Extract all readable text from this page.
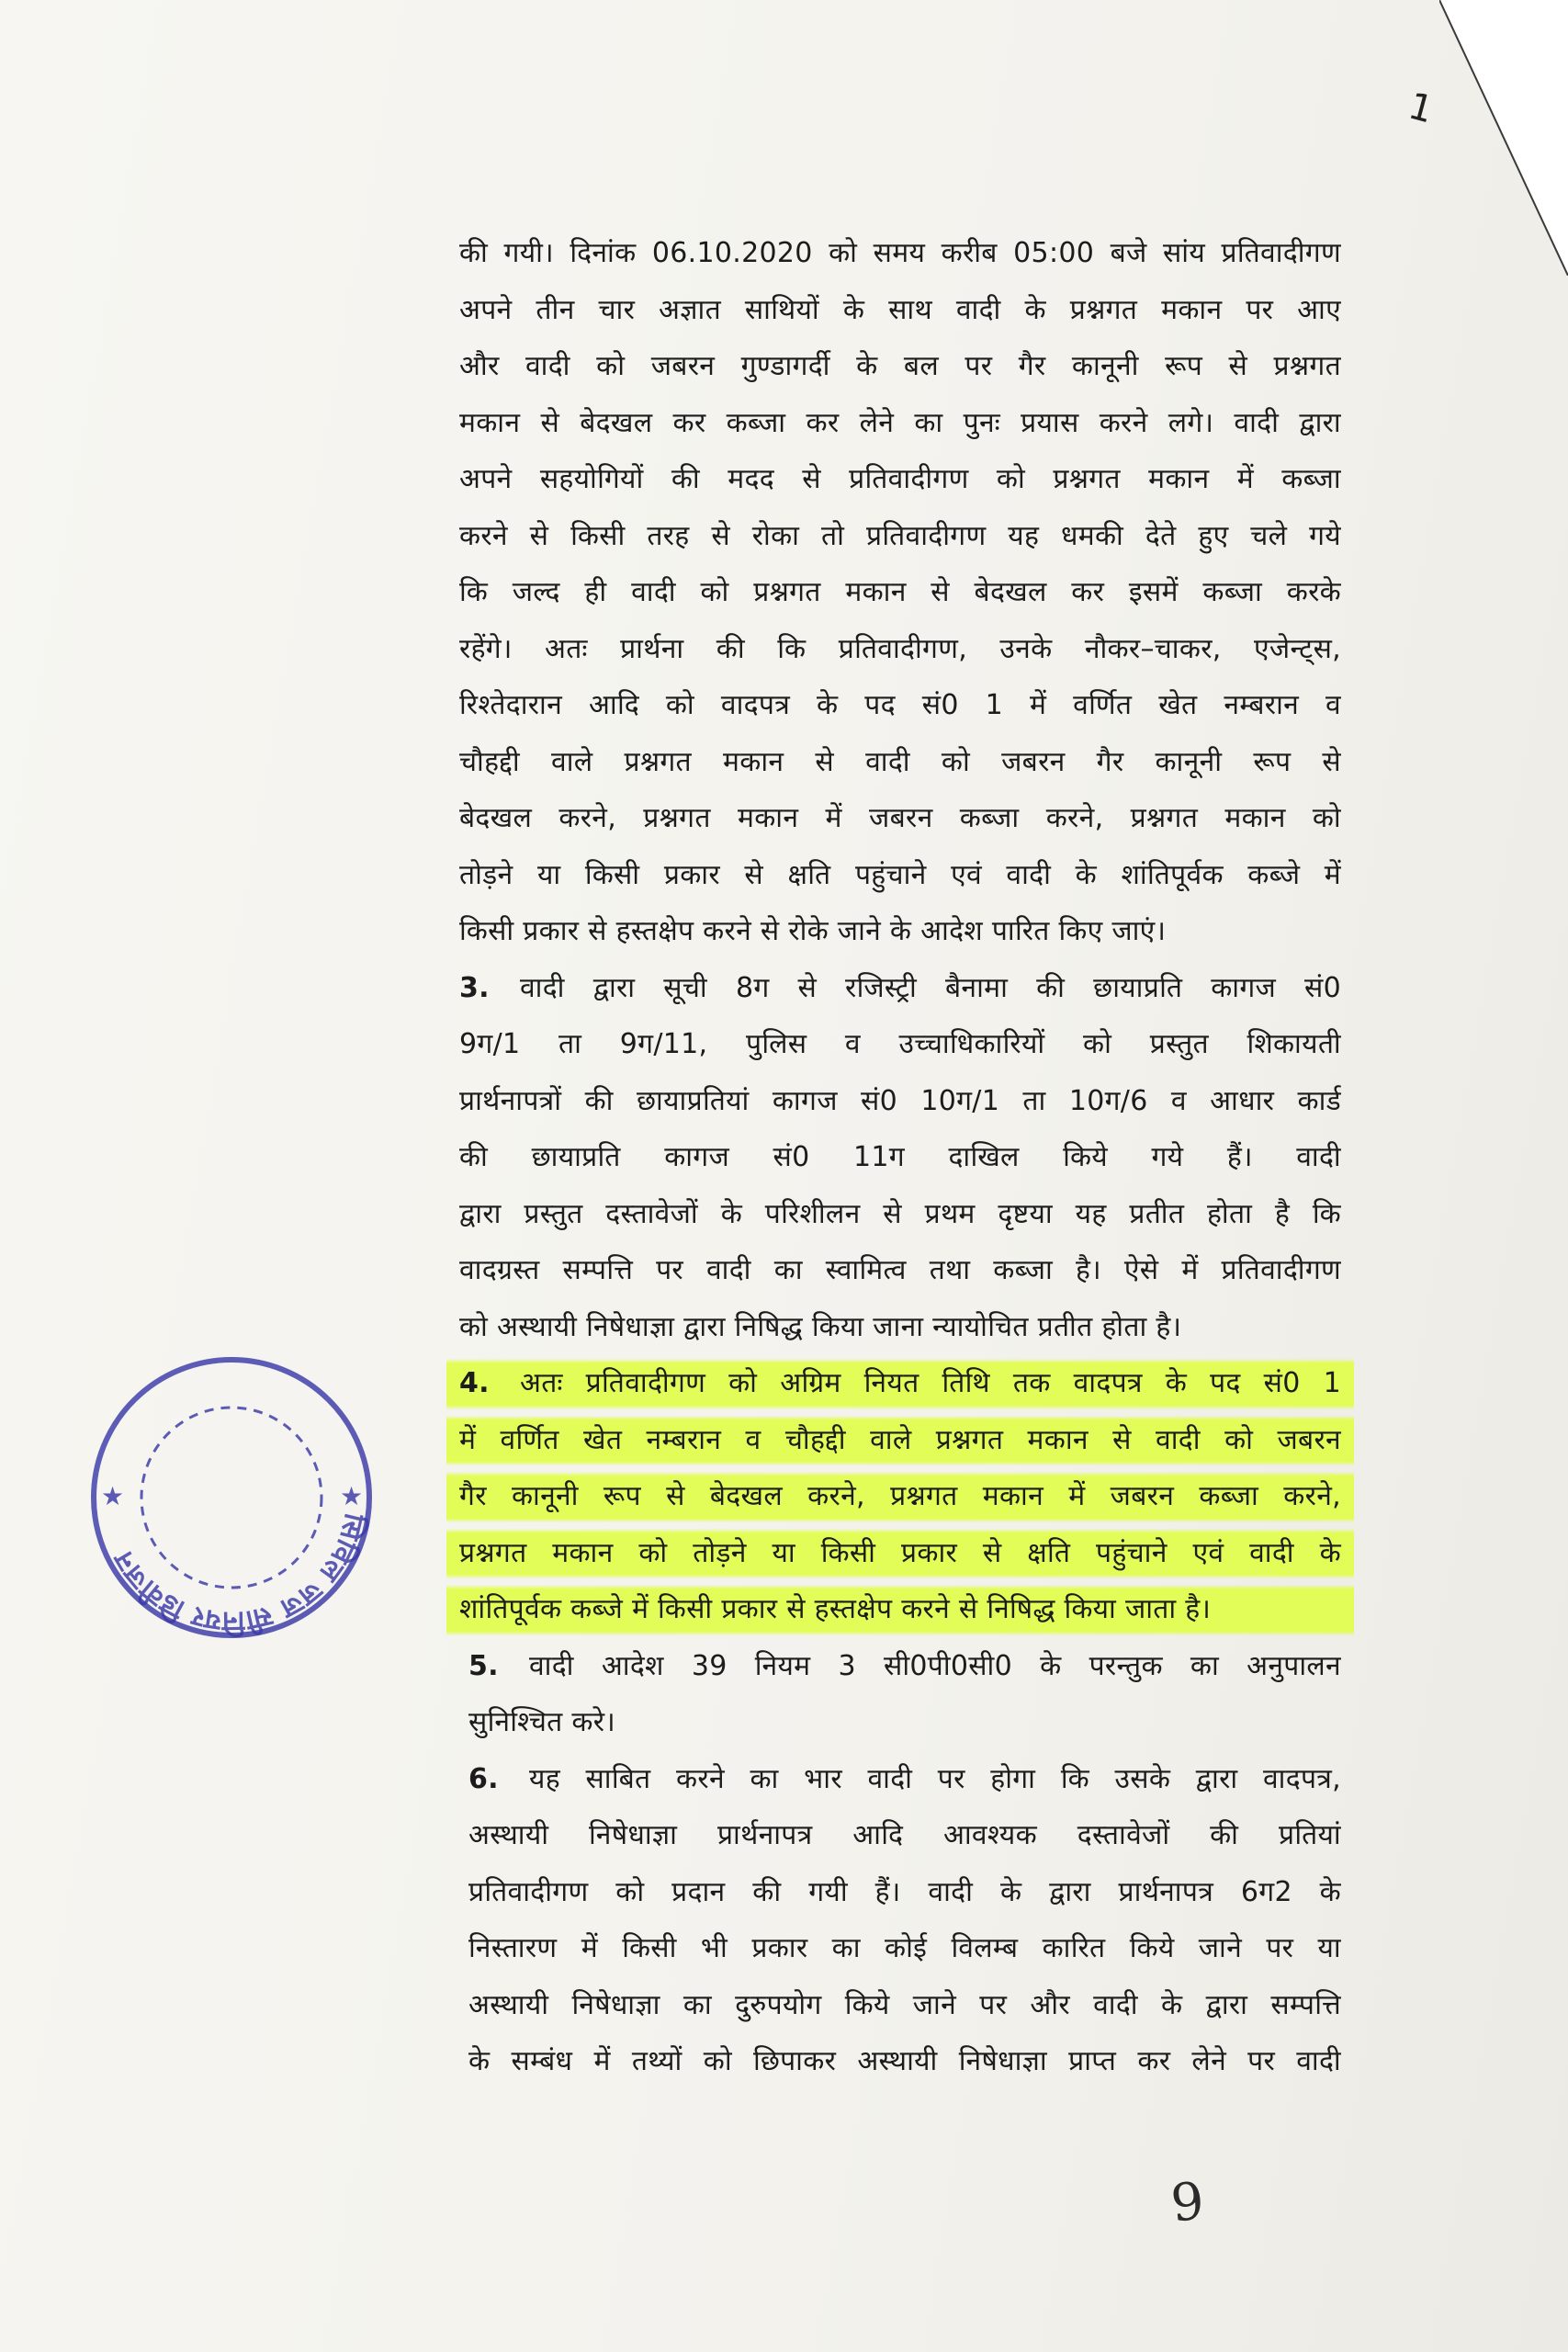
1
की गयी। दिनांक 06.10.2020 को समय करीब 05:00 बजे सांय प्रतिवादीगण
अपने तीन चार अज्ञात साथियों के साथ वादी के प्रश्नगत मकान पर आए
और वादी को जबरन गुण्डागर्दी के बल पर गैर कानूनी रूप से प्रश्नगत
मकान से बेदखल कर कब्जा कर लेने का पुनः प्रयास करने लगे। वादी द्वारा
अपने सहयोगियों की मदद से प्रतिवादीगण को प्रश्नगत मकान में कब्जा
करने से किसी तरह से रोका तो प्रतिवादीगण यह धमकी देते हुए चले गये
कि जल्द ही वादी को प्रश्नगत मकान से बेदखल कर इसमें कब्जा करके
रहेंगे। अतः प्रार्थना की कि प्रतिवादीगण, उनके नौकर–चाकर, एजेन्ट्स,
रिश्तेदारान आदि को वादपत्र के पद सं0 1 में वर्णित खेत नम्बरान व
चौहद्दी वाले प्रश्नगत मकान से वादी को जबरन गैर कानूनी रूप से
बेदखल करने, प्रश्नगत मकान में जबरन कब्जा करने, प्रश्नगत मकान को
तोड़ने या किसी प्रकार से क्षति पहुंचाने एवं वादी के शांतिपूर्वक कब्जे में
किसी प्रकार से हस्तक्षेप करने से रोके जाने के आदेश पारित किए जाएं।
3. वादी द्वारा सूची 8ग से रजिस्ट्री बैनामा की छायाप्रति कागज सं0
9ग/1 ता 9ग/11, पुलिस व उच्चाधिकारियों को प्रस्तुत शिकायती
प्रार्थनापत्रों की छायाप्रतियां कागज सं0 10ग/1 ता 10ग/6 व आधार कार्ड
की छायाप्रति कागज सं0 11ग दाखिल किये गये हैं। वादी
द्वारा प्रस्तुत दस्तावेजों के परिशीलन से प्रथम दृष्टया यह प्रतीत होता है कि
वादग्रस्त सम्पत्ति पर वादी का स्वामित्व तथा कब्जा है। ऐसे में प्रतिवादीगण
को अस्थायी निषेधाज्ञा द्वारा निषिद्ध किया जाना न्यायोचित प्रतीत होता है।
4. अतः प्रतिवादीगण को अग्रिम नियत तिथि तक वादपत्र के पद सं0 1
में वर्णित खेत नम्बरान व चौहद्दी वाले प्रश्नगत मकान से वादी को जबरन
गैर कानूनी रूप से बेदखल करने, प्रश्नगत मकान में जबरन कब्जा करने,
प्रश्नगत मकान को तोड़ने या किसी प्रकार से क्षति पहुंचाने एवं वादी के
शांतिपूर्वक कब्जे में किसी प्रकार से हस्तक्षेप करने से निषिद्ध किया जाता है।
5. वादी आदेश 39 नियम 3 सी0पी0सी0 के परन्तुक का अनुपालन
सुनिश्चित करे।
6. यह साबित करने का भार वादी पर होगा कि उसके द्वारा वादपत्र,
अस्थायी निषेधाज्ञा प्रार्थनापत्र आदि आवश्यक दस्तावेजों की प्रतियां
प्रतिवादीगण को प्रदान की गयी हैं। वादी के द्वारा प्रार्थनापत्र 6ग2 के
निस्तारण में किसी भी प्रकार का कोई विलम्ब कारित किये जाने पर या
अस्थायी निषेधाज्ञा का दुरुपयोग किये जाने पर और वादी के द्वारा सम्पत्ति
के सम्बंध में तथ्यों को छिपाकर अस्थायी निषेधाज्ञा प्राप्त कर लेने पर वादी
सिविल जज सीनियर डिवीजन
★	★
9
